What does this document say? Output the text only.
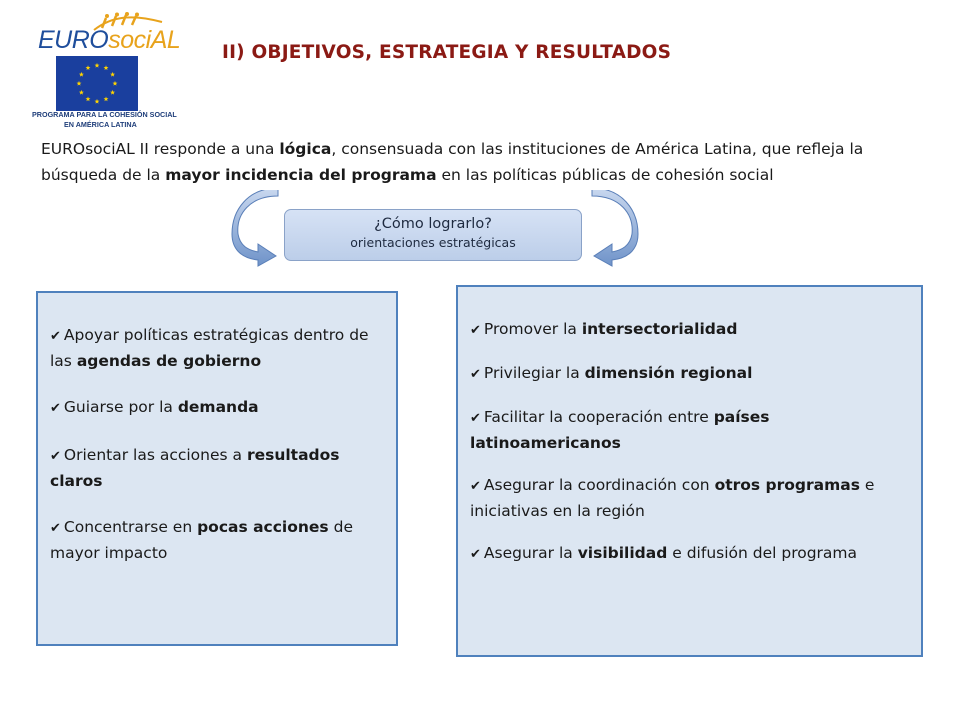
EUROsociAL
PROGRAMA PARA LA COHESIÓN SOCIAL
EN AMÉRICA LATINA
II) OBJETIVOS, ESTRATEGIA Y RESULTADOS

EUROsociAL II responde a una lógica, consensuada con las instituciones de América Latina, que refleja la búsqueda de la mayor incidencia del programa en las políticas públicas de cohesión social

¿Cómo lograrlo?
orientaciones estratégicas
✔ Apoyar políticas estratégicas dentro de las agendas de gobierno
✔ Guiarse por la demanda
✔ Orientar las acciones a resultados claros
✔ Concentrarse en pocas acciones de mayor impacto
✔ Promover la intersectorialidad
✔ Privilegiar la dimensión regional
✔ Facilitar la cooperación entre países latinoamericanos
✔ Asegurar la coordinación con otros programas e iniciativas en la región
✔ Asegurar la visibilidad e difusión del programa
